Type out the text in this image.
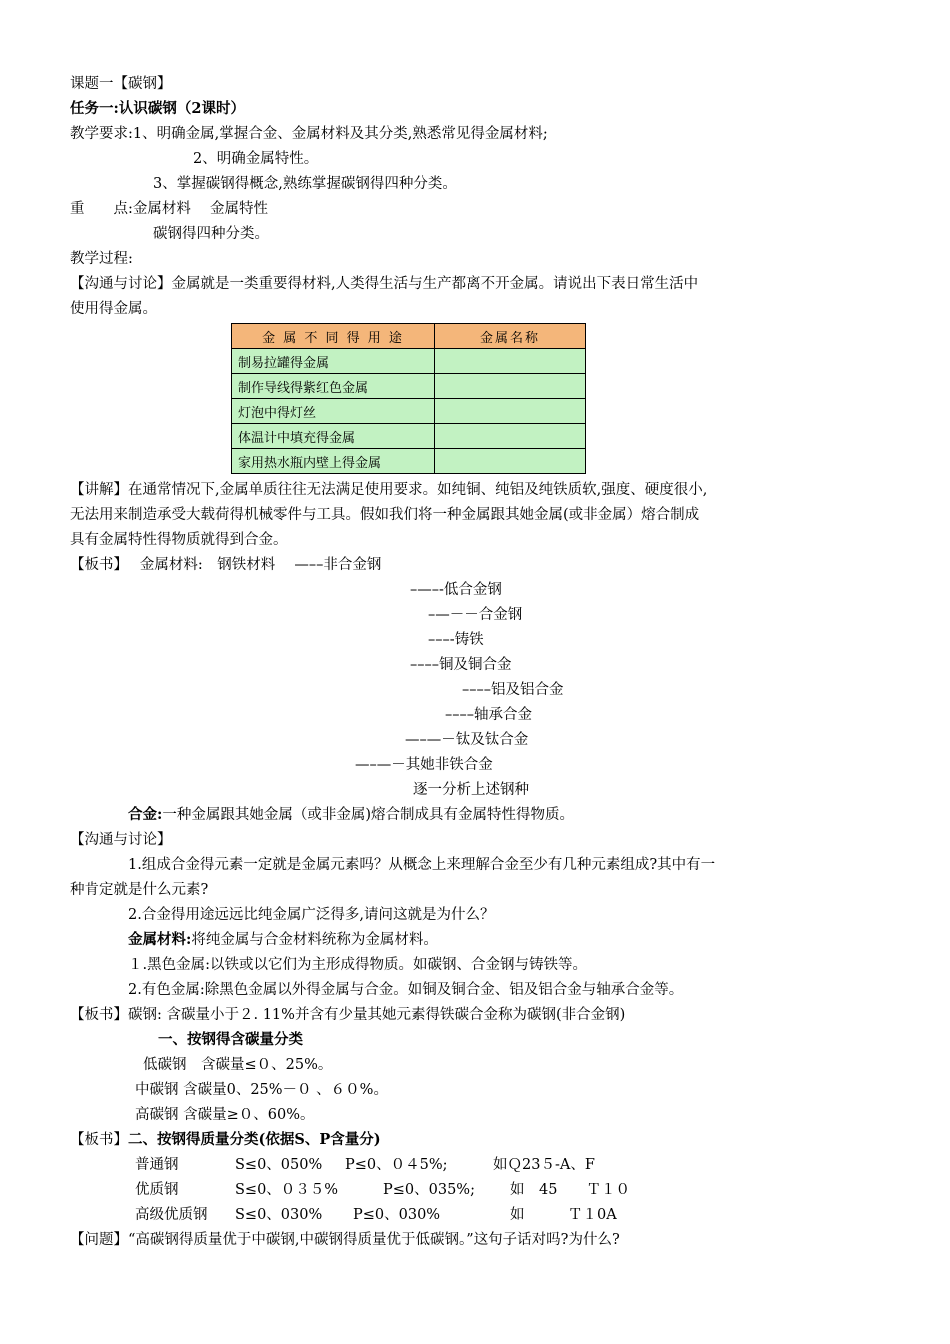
课题一【碳钢】
任务一:认识碳钢（2课时）
教学要求:1、明确金属,掌握合金、金属材料及其分类,熟悉常见得金属材料;
2、明确金属特性。
3、掌握碳钢得概念,熟练掌握碳钢得四种分类。
重　　点:金属材料　 金属特性
碳钢得四种分类。
教学过程:
【沟通与讨论】金属就是一类重要得材料,人类得生活与生产都离不开金属。请说出下表日常生活中
使用得金属。
金 属 不 同 得 用 途	金属名称
制易拉罐得金属	
制作导线得紫红色金属	
灯泡中得灯丝	
体温计中填充得金属	
家用热水瓶内壁上得金属	
【讲解】在通常情况下,金属单质往往无法满足使用要求。如纯铜、纯铝及纯铁质软,强度、硬度很小,
无法用来制造承受大载荷得机械零件与工具。假如我们将一种金属跟其她金属(或非金属）熔合制成
具有金属特性得物质就得到合金。
【板书】　 金属材料:　钢铁材料　 —––非合金钢
–—–-低合金钢
–—－－合金钢
–––-铸铁
––––铜及铜合金
––––铝及铝合金
––––轴承合金
—–—－钛及钛合金
—–—－其她非铁合金
逐一分析上述钢种
合金:一种金属跟其她金属（或非金属)熔合制成具有金属特性得物质。
【沟通与讨论】
1.组成合金得元素一定就是金属元素吗？从概念上来理解合金至少有几种元素组成?其中有一
种肯定就是什么元素?
2.合金得用途远远比纯金属广泛得多,请问这就是为什么？
金属材料:将纯金属与合金材料统称为金属材料。
１.黑色金属:以铁或以它们为主形成得物质。如碳钢、合金钢与铸铁等。
2.有色金属:除黑色金属以外得金属与合金。如铜及铜合金、铝及铝合金与轴承合金等。
【板书】碳钢: 含碳量小于２. 11%并含有少量其她元素得铁碳合金称为碳钢(非合金钢)
一、按钢得含碳量分类
低碳钢　含碳量≤０、25%。
中碳钢 含碳量0、25%－０ 、６０%。
高碳钢 含碳量≥０、60%。
【板书】二、按钢得质量分类(依据S、P含量分)
普通钢	S≤0、050% P≤0、０４5%;	如Ｑ23５-A、F
优质钢	S≤0、０３５%	P≤0、035%; 如　45　　Ｔ１０
高级优质钢 S≤0、030% P≤0、030%	如　　　Ｔ１0A
【问题】“高碳钢得质量优于中碳钢,中碳钢得质量优于低碳钢。”这句子话对吗?为什么?
